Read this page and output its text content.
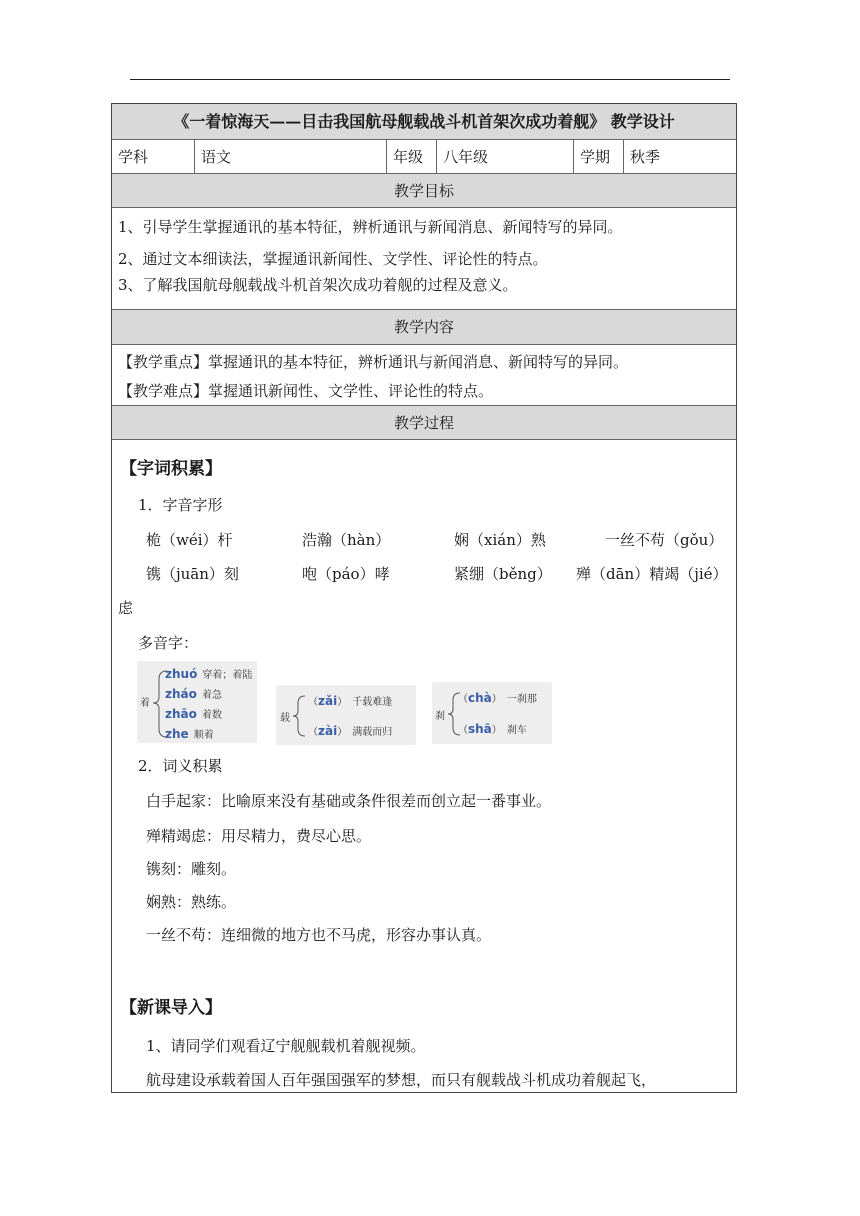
《一着惊海天——目击我国航母舰载战斗机首架次成功着舰》 教学设计
学科	语文	年级	八年级	学期	秋季
教学目标
1、引导学生掌握通讯的基本特征，辨析通讯与新闻消息、新闻特写的异同。
2、通过文本细读法，掌握通讯新闻性、文学性、评论性的特点。
3、了解我国航母舰载战斗机首架次成功着舰的过程及意义。
教学内容
【教学重点】掌握通讯的基本特征，辨析通讯与新闻消息、新闻特写的异同。
【教学难点】掌握通讯新闻性、文学性、评论性的特点。
教学过程
【字词积累】
1．字音字形
桅（wéi）杆	浩瀚（hàn）	娴（xián）熟	一丝不苟（gǒu）
镌（juān）刻	咆（páo）哮	紧绷（běng） 殚（dān）精竭（jié）
虑
多音字：
着
zhuó 穿着；着陆
zháo 着急
zhāo 着数
zhe 顺着
载
（zǎi） 千载难逢
（zài） 满载而归
刹
（chà） 一刹那
（shā） 刹车
2．词义积累
白手起家：比喻原来没有基础或条件很差而创立起一番事业。
殚精竭虑：用尽精力，费尽心思。
镌刻：雕刻。
娴熟：熟练。
一丝不苟：连细微的地方也不马虎，形容办事认真。
【新课导入】
1、请同学们观看辽宁舰舰载机着舰视频。
航母建设承载着国人百年强国强军的梦想，而只有舰载战斗机成功着舰起飞，
